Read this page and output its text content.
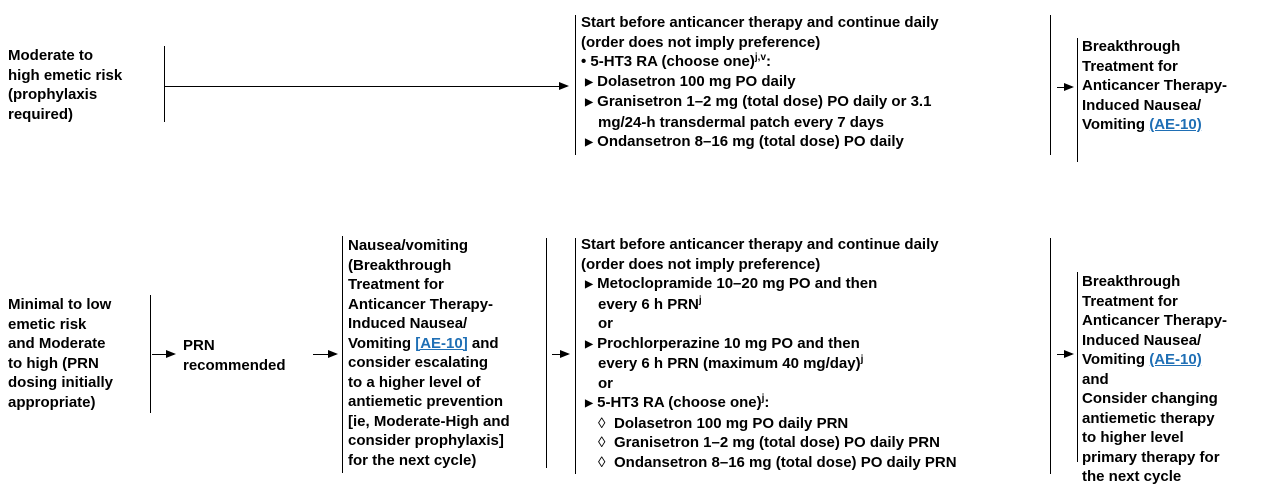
Moderate to
high emetic risk
(prophylaxis
required)
Start before anticancer therapy and continue daily
(order does not imply preference)
• 5-HT3 RA (choose one)$^{j,v}$:
▶ Dolasetron 100 mg PO daily
▶ Granisetron 1–2 mg (total dose) PO daily or 3.1
mg/24-h transdermal patch every 7 days
▶ Ondansetron 8–16 mg (total dose) PO daily
Breakthrough
Treatment for
Anticancer Therapy-
Induced Nausea/
Vomiting (AE-10)
Minimal to low
emetic risk
and Moderate
to high (PRN
dosing initially
appropriate)
PRN
recommended
Nausea/vomiting
(Breakthrough
Treatment for
Anticancer Therapy-
Induced Nausea/
Vomiting [AE-10] and
consider escalating
to a higher level of
antiemetic prevention
[ie, Moderate-High and
consider prophylaxis]
for the next cycle)
Start before anticancer therapy and continue daily
(order does not imply preference)
▶ Metoclopramide 10–20 mg PO and then
every 6 h PRN$^j$
or
▶ Prochlorperazine 10 mg PO and then
every 6 h PRN (maximum 40 mg/day)$^j$
or
▶ 5-HT3 RA (choose one)$^j$:
◊ Dolasetron 100 mg PO daily PRN
◊ Granisetron 1–2 mg (total dose) PO daily PRN
◊ Ondansetron 8–16 mg (total dose) PO daily PRN
Breakthrough
Treatment for
Anticancer Therapy-
Induced Nausea/
Vomiting (AE-10)
and
Consider changing
antiemetic therapy
to higher level
primary therapy for
the next cycle
